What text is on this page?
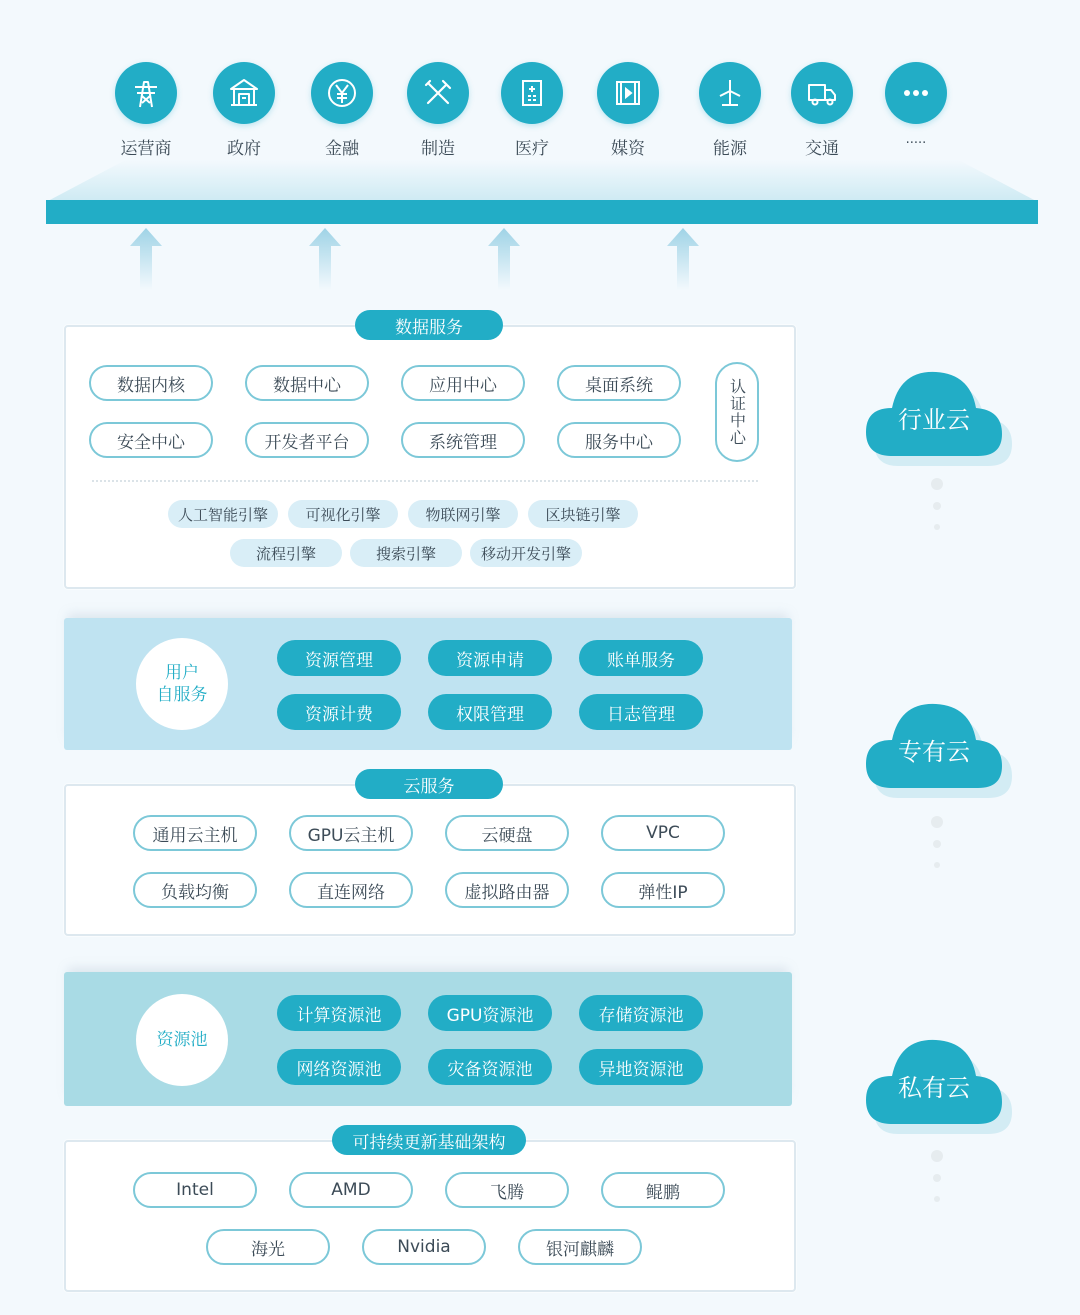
运营商	政府	金融	制造	医疗	媒资	能源	交通	·····
数据服务
数据内核	数据中心	应用中心	桌面系统
安全中心	开发者平台	系统管理	服务中心	认证中心
人工智能引擎	可视化引擎	物联网引擎	区块链引擎
流程引擎	搜索引擎	移动开发引擎
用户
自服务
资源管理	资源申请	账单服务
资源计费	权限管理	日志管理
云服务
通用云主机	GPU云主机	云硬盘	VPC
负载均衡	直连网络	虚拟路由器	弹性IP
资源池
计算资源池	GPU资源池	存储资源池
网络资源池	灾备资源池	异地资源池
可持续更新基础架构
Intel	AMD	飞腾	鲲鹏
海光	Nvidia	银河麒麟
行业云
专有云
私有云
